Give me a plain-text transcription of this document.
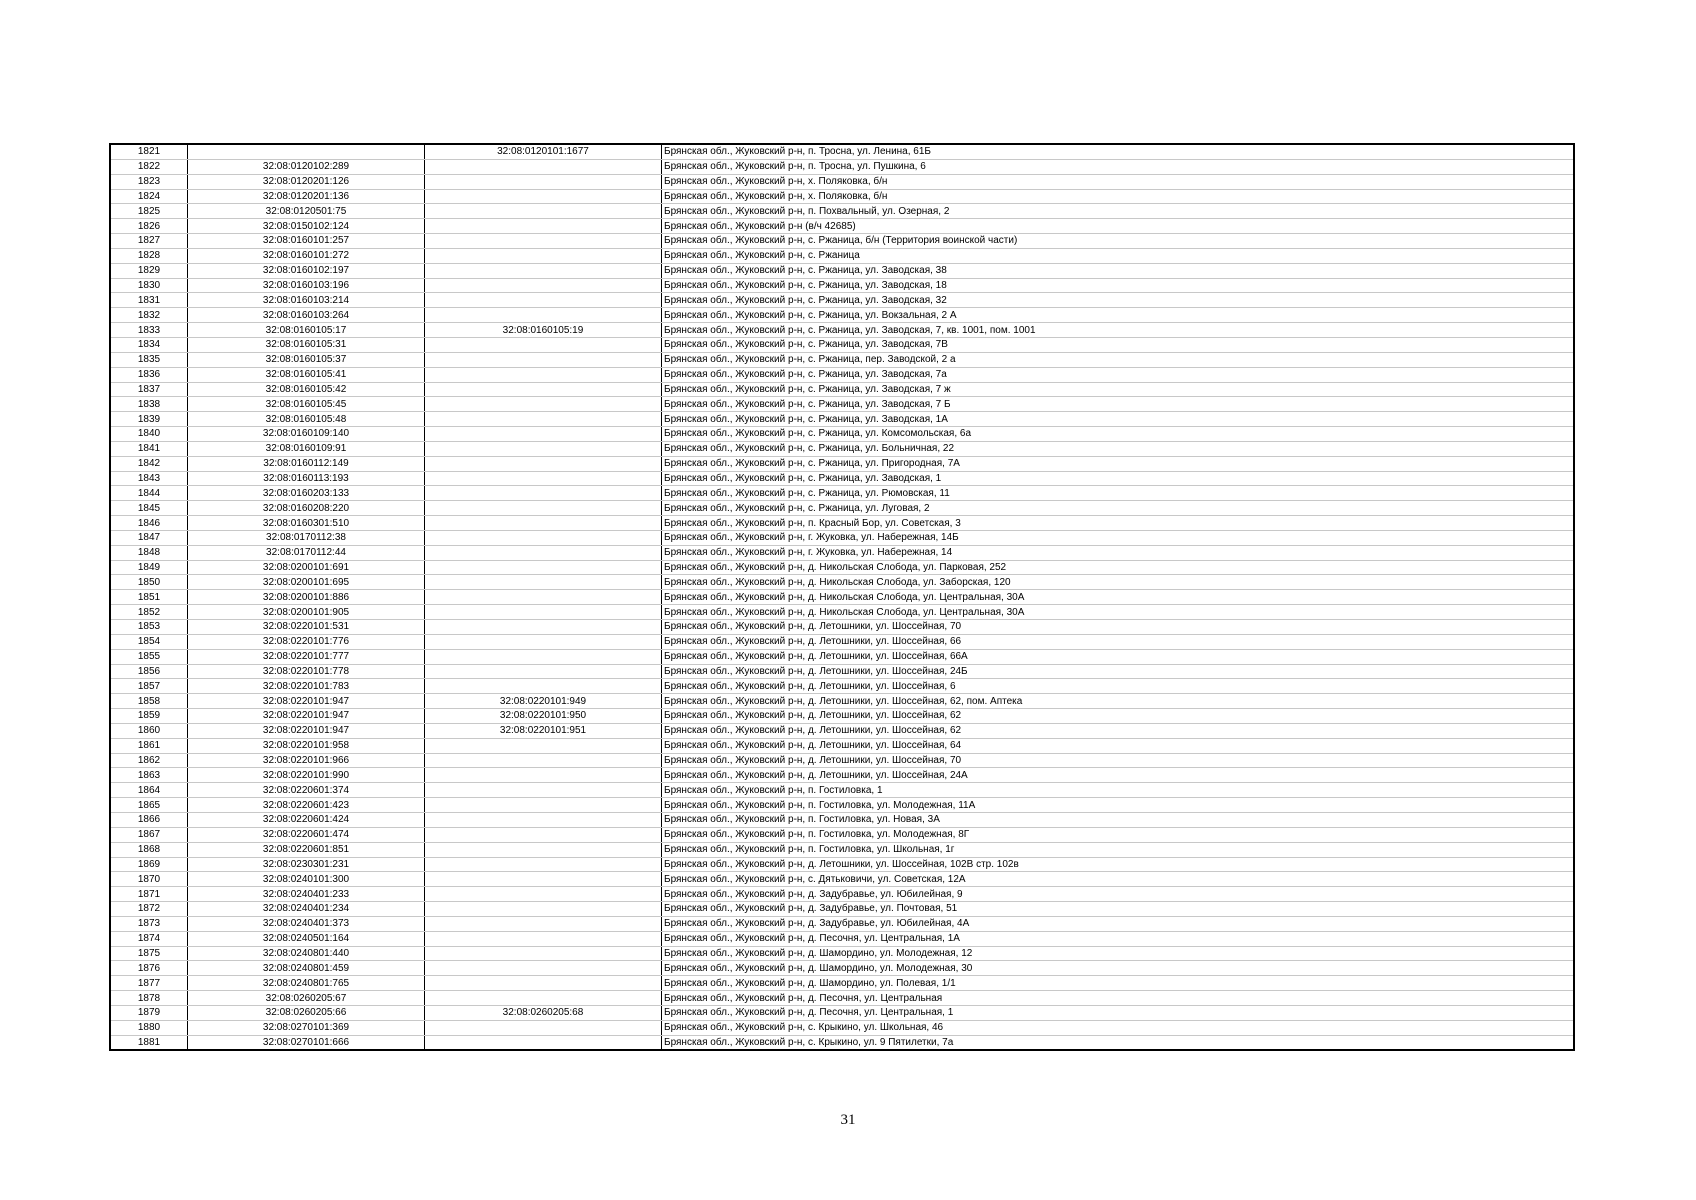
1821		32:08:0120101:1677	Брянская обл., Жуковский р-н, п. Тросна, ул. Ленина, 61Б
1822	32:08:0120102:289		Брянская обл., Жуковский р-н, п. Тросна, ул. Пушкина, 6
1823	32:08:0120201:126		Брянская обл., Жуковский р-н, х. Поляковка, б/н
1824	32:08:0120201:136		Брянская обл., Жуковский р-н, х. Поляковка, б/н
1825	32:08:0120501:75		Брянская обл., Жуковский р-н, п. Похвальный, ул. Озерная, 2
1826	32:08:0150102:124		Брянская обл., Жуковский р-н (в/ч 42685)
1827	32:08:0160101:257		Брянская обл., Жуковский р-н, с. Ржаница, б/н (Территория воинской части)
1828	32:08:0160101:272		Брянская обл., Жуковский р-н, с. Ржаница
1829	32:08:0160102:197		Брянская обл., Жуковский р-н, с. Ржаница, ул. Заводская, 38
1830	32:08:0160103:196		Брянская обл., Жуковский р-н, с. Ржаница, ул. Заводская, 18
1831	32:08:0160103:214		Брянская обл., Жуковский р-н, с. Ржаница, ул. Заводская, 32
1832	32:08:0160103:264		Брянская обл., Жуковский р-н, с. Ржаница, ул. Вокзальная, 2 А
1833	32:08:0160105:17	32:08:0160105:19	Брянская обл., Жуковский р-н, с. Ржаница, ул. Заводская, 7, кв. 1001, пом. 1001
1834	32:08:0160105:31		Брянская обл., Жуковский р-н, с. Ржаница, ул. Заводская, 7В
1835	32:08:0160105:37		Брянская обл., Жуковский р-н, с. Ржаница, пер. Заводской, 2 а
1836	32:08:0160105:41		Брянская обл., Жуковский р-н, с. Ржаница, ул. Заводская, 7а
1837	32:08:0160105:42		Брянская обл., Жуковский р-н, с. Ржаница, ул. Заводская, 7 ж
1838	32:08:0160105:45		Брянская обл., Жуковский р-н, с. Ржаница, ул. Заводская, 7 Б
1839	32:08:0160105:48		Брянская обл., Жуковский р-н, с. Ржаница, ул. Заводская, 1А
1840	32:08:0160109:140		Брянская обл., Жуковский р-н, с. Ржаница, ул. Комсомольская, 6а
1841	32:08:0160109:91		Брянская обл., Жуковский р-н, с. Ржаница, ул. Больничная, 22
1842	32:08:0160112:149		Брянская обл., Жуковский р-н, с. Ржаница, ул. Пригородная, 7А
1843	32:08:0160113:193		Брянская обл., Жуковский р-н, с. Ржаница, ул. Заводская, 1
1844	32:08:0160203:133		Брянская обл., Жуковский р-н, с. Ржаница, ул. Рюмовская, 11
1845	32:08:0160208:220		Брянская обл., Жуковский р-н, с. Ржаница, ул. Луговая, 2
1846	32:08:0160301:510		Брянская обл., Жуковский р-н, п. Красный Бор, ул. Советская, 3
1847	32:08:0170112:38		Брянская обл., Жуковский р-н, г. Жуковка, ул. Набережная, 14Б
1848	32:08:0170112:44		Брянская обл., Жуковский р-н, г. Жуковка, ул. Набережная, 14
1849	32:08:0200101:691		Брянская обл., Жуковский р-н, д. Никольская Слобода, ул. Парковая, 252
1850	32:08:0200101:695		Брянская обл., Жуковский р-н, д. Никольская Слобода, ул. Заборская, 120
1851	32:08:0200101:886		Брянская обл., Жуковский р-н, д. Никольская Слобода, ул. Центральная, 30А
1852	32:08:0200101:905		Брянская обл., Жуковский р-н, д. Никольская Слобода, ул. Центральная, 30А
1853	32:08:0220101:531		Брянская обл., Жуковский р-н, д. Летошники, ул. Шоссейная, 70
1854	32:08:0220101:776		Брянская обл., Жуковский р-н, д. Летошники, ул. Шоссейная, 66
1855	32:08:0220101:777		Брянская обл., Жуковский р-н, д. Летошники, ул. Шоссейная, 66А
1856	32:08:0220101:778		Брянская обл., Жуковский р-н, д. Летошники, ул. Шоссейная, 24Б
1857	32:08:0220101:783		Брянская обл., Жуковский р-н, д. Летошники, ул. Шоссейная, 6
1858	32:08:0220101:947	32:08:0220101:949	Брянская обл., Жуковский р-н, д. Летошники, ул. Шоссейная, 62, пом. Аптека
1859	32:08:0220101:947	32:08:0220101:950	Брянская обл., Жуковский р-н, д. Летошники, ул. Шоссейная, 62
1860	32:08:0220101:947	32:08:0220101:951	Брянская обл., Жуковский р-н, д. Летошники, ул. Шоссейная, 62
1861	32:08:0220101:958		Брянская обл., Жуковский р-н, д. Летошники, ул. Шоссейная, 64
1862	32:08:0220101:966		Брянская обл., Жуковский р-н, д. Летошники, ул. Шоссейная, 70
1863	32:08:0220101:990		Брянская обл., Жуковский р-н, д. Летошники, ул. Шоссейная, 24А
1864	32:08:0220601:374		Брянская обл., Жуковский р-н, п. Гостиловка, 1
1865	32:08:0220601:423		Брянская обл., Жуковский р-н, п. Гостиловка, ул. Молодежная, 11А
1866	32:08:0220601:424		Брянская обл., Жуковский р-н, п. Гостиловка, ул. Новая, 3А
1867	32:08:0220601:474		Брянская обл., Жуковский р-н, п. Гостиловка, ул. Молодежная, 8Г
1868	32:08:0220601:851		Брянская обл., Жуковский р-н, п. Гостиловка, ул. Школьная, 1г
1869	32:08:0230301:231		Брянская обл., Жуковский р-н, д. Летошники, ул. Шоссейная, 102В стр. 102в
1870	32:08:0240101:300		Брянская обл., Жуковский р-н, с. Дятьковичи, ул. Советская, 12А
1871	32:08:0240401:233		Брянская обл., Жуковский р-н, д. Задубравье, ул. Юбилейная, 9
1872	32:08:0240401:234		Брянская обл., Жуковский р-н, д. Задубравье, ул. Почтовая, 51
1873	32:08:0240401:373		Брянская обл., Жуковский р-н, д. Задубравье, ул. Юбилейная, 4А
1874	32:08:0240501:164		Брянская обл., Жуковский р-н, д. Песочня, ул. Центральная, 1А
1875	32:08:0240801:440		Брянская обл., Жуковский р-н, д. Шамордино, ул. Молодежная, 12
1876	32:08:0240801:459		Брянская обл., Жуковский р-н, д. Шамордино, ул. Молодежная, 30
1877	32:08:0240801:765		Брянская обл., Жуковский р-н, д. Шамордино, ул. Полевая, 1/1
1878	32:08:0260205:67		Брянская обл., Жуковский р-н, д. Песочня, ул. Центральная
1879	32:08:0260205:66	32:08:0260205:68	Брянская обл., Жуковский р-н, д. Песочня, ул. Центральная, 1
1880	32:08:0270101:369		Брянская обл., Жуковский р-н, с. Крыкино, ул. Школьная, 46
1881	32:08:0270101:666		Брянская обл., Жуковский р-н, с. Крыкино, ул. 9 Пятилетки, 7а
31
